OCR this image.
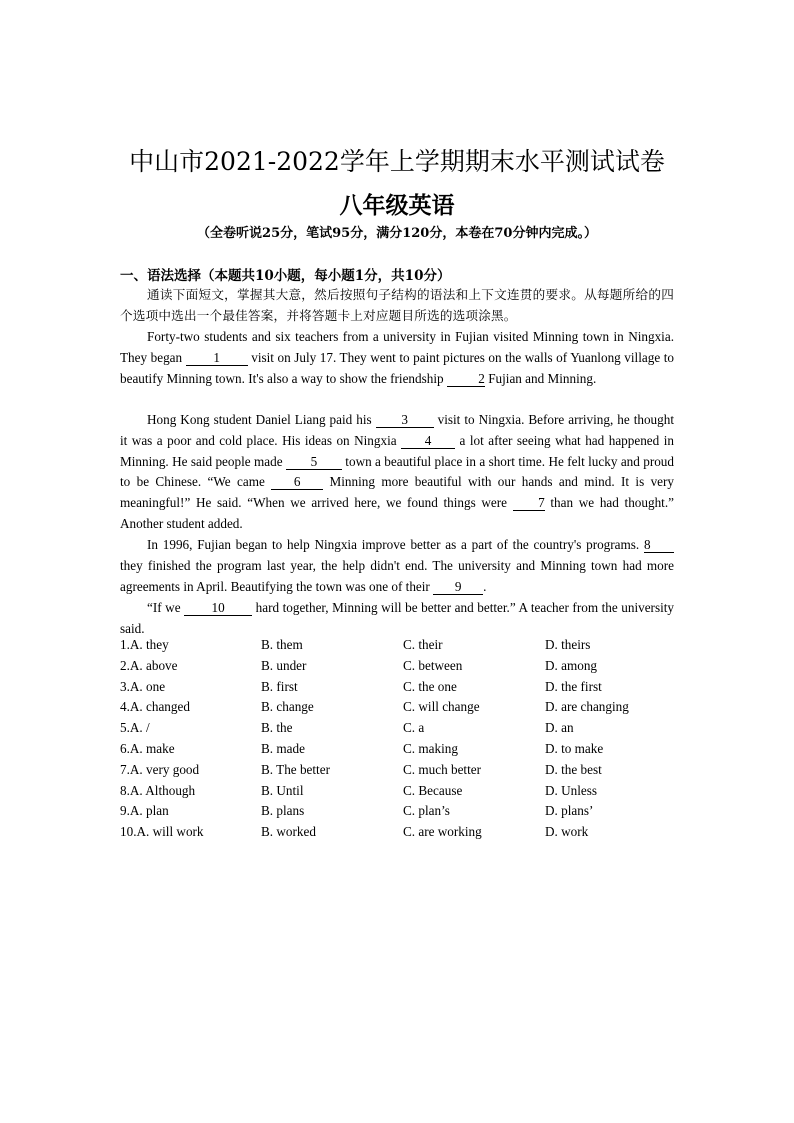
中山市2021-2022学年上学期期末水平测试试卷
八年级英语
（全卷听说25分，笔试95分，满分120分，本卷在70分钟内完成。）
一、语法选择（本题共10小题，每小题1分，共10分）
通读下面短文，掌握其大意，然后按照句子结构的语法和上下文连贯的要求。从每题所给的四个选项中选出一个最佳答案，并将答题卡上对应题目所选的选项涂黑。
Forty-two students and six teachers from a university in Fujian visited Minning town in Ningxia. They began 1 visit on July 17. They went to paint pictures on the walls of Yuanlong village to beautify Minning town. It's also a way to show the friendship 2 Fujian and Minning.
Hong Kong student Daniel Liang paid his 3 visit to Ningxia. Before arriving, he thought it was a poor and cold place. His ideas on Ningxia 4 a lot after seeing what had happened in Minning. He said people made 5 town a beautiful place in a short time. He felt lucky and proud to be Chinese. “We came 6 Minning more beautiful with our hands and mind. It is very meaningful!” He said. “When we arrived here, we found things were 7 than we had thought.” Another student added.
In 1996, Fujian began to help Ningxia improve better as a part of the country's programs. 8 they finished the program last year, the help didn't end. The university and Minning town had more agreements in April. Beautifying the town was one of their 9 .
“If we 10 hard together, Minning will be better and better.” A teacher from the university said.
1.A. they	B. them	C. their	D. theirs
2.A. above	B. under	C. between	D. among
3.A. one	B. first	C. the one	D. the first
4.A. changed	B. change	C. will change	D. are changing
5.A. /	B. the	C. a	D. an
6.A. make	B. made	C. making	D. to make
7.A. very good	B. The better	C. much better	D. the best
8.A. Although	B. Until	C. Because	D. Unless
9.A. plan	B. plans	C. plan’s	D. plans’
10.A. will work	B. worked	C. are working	D. work
